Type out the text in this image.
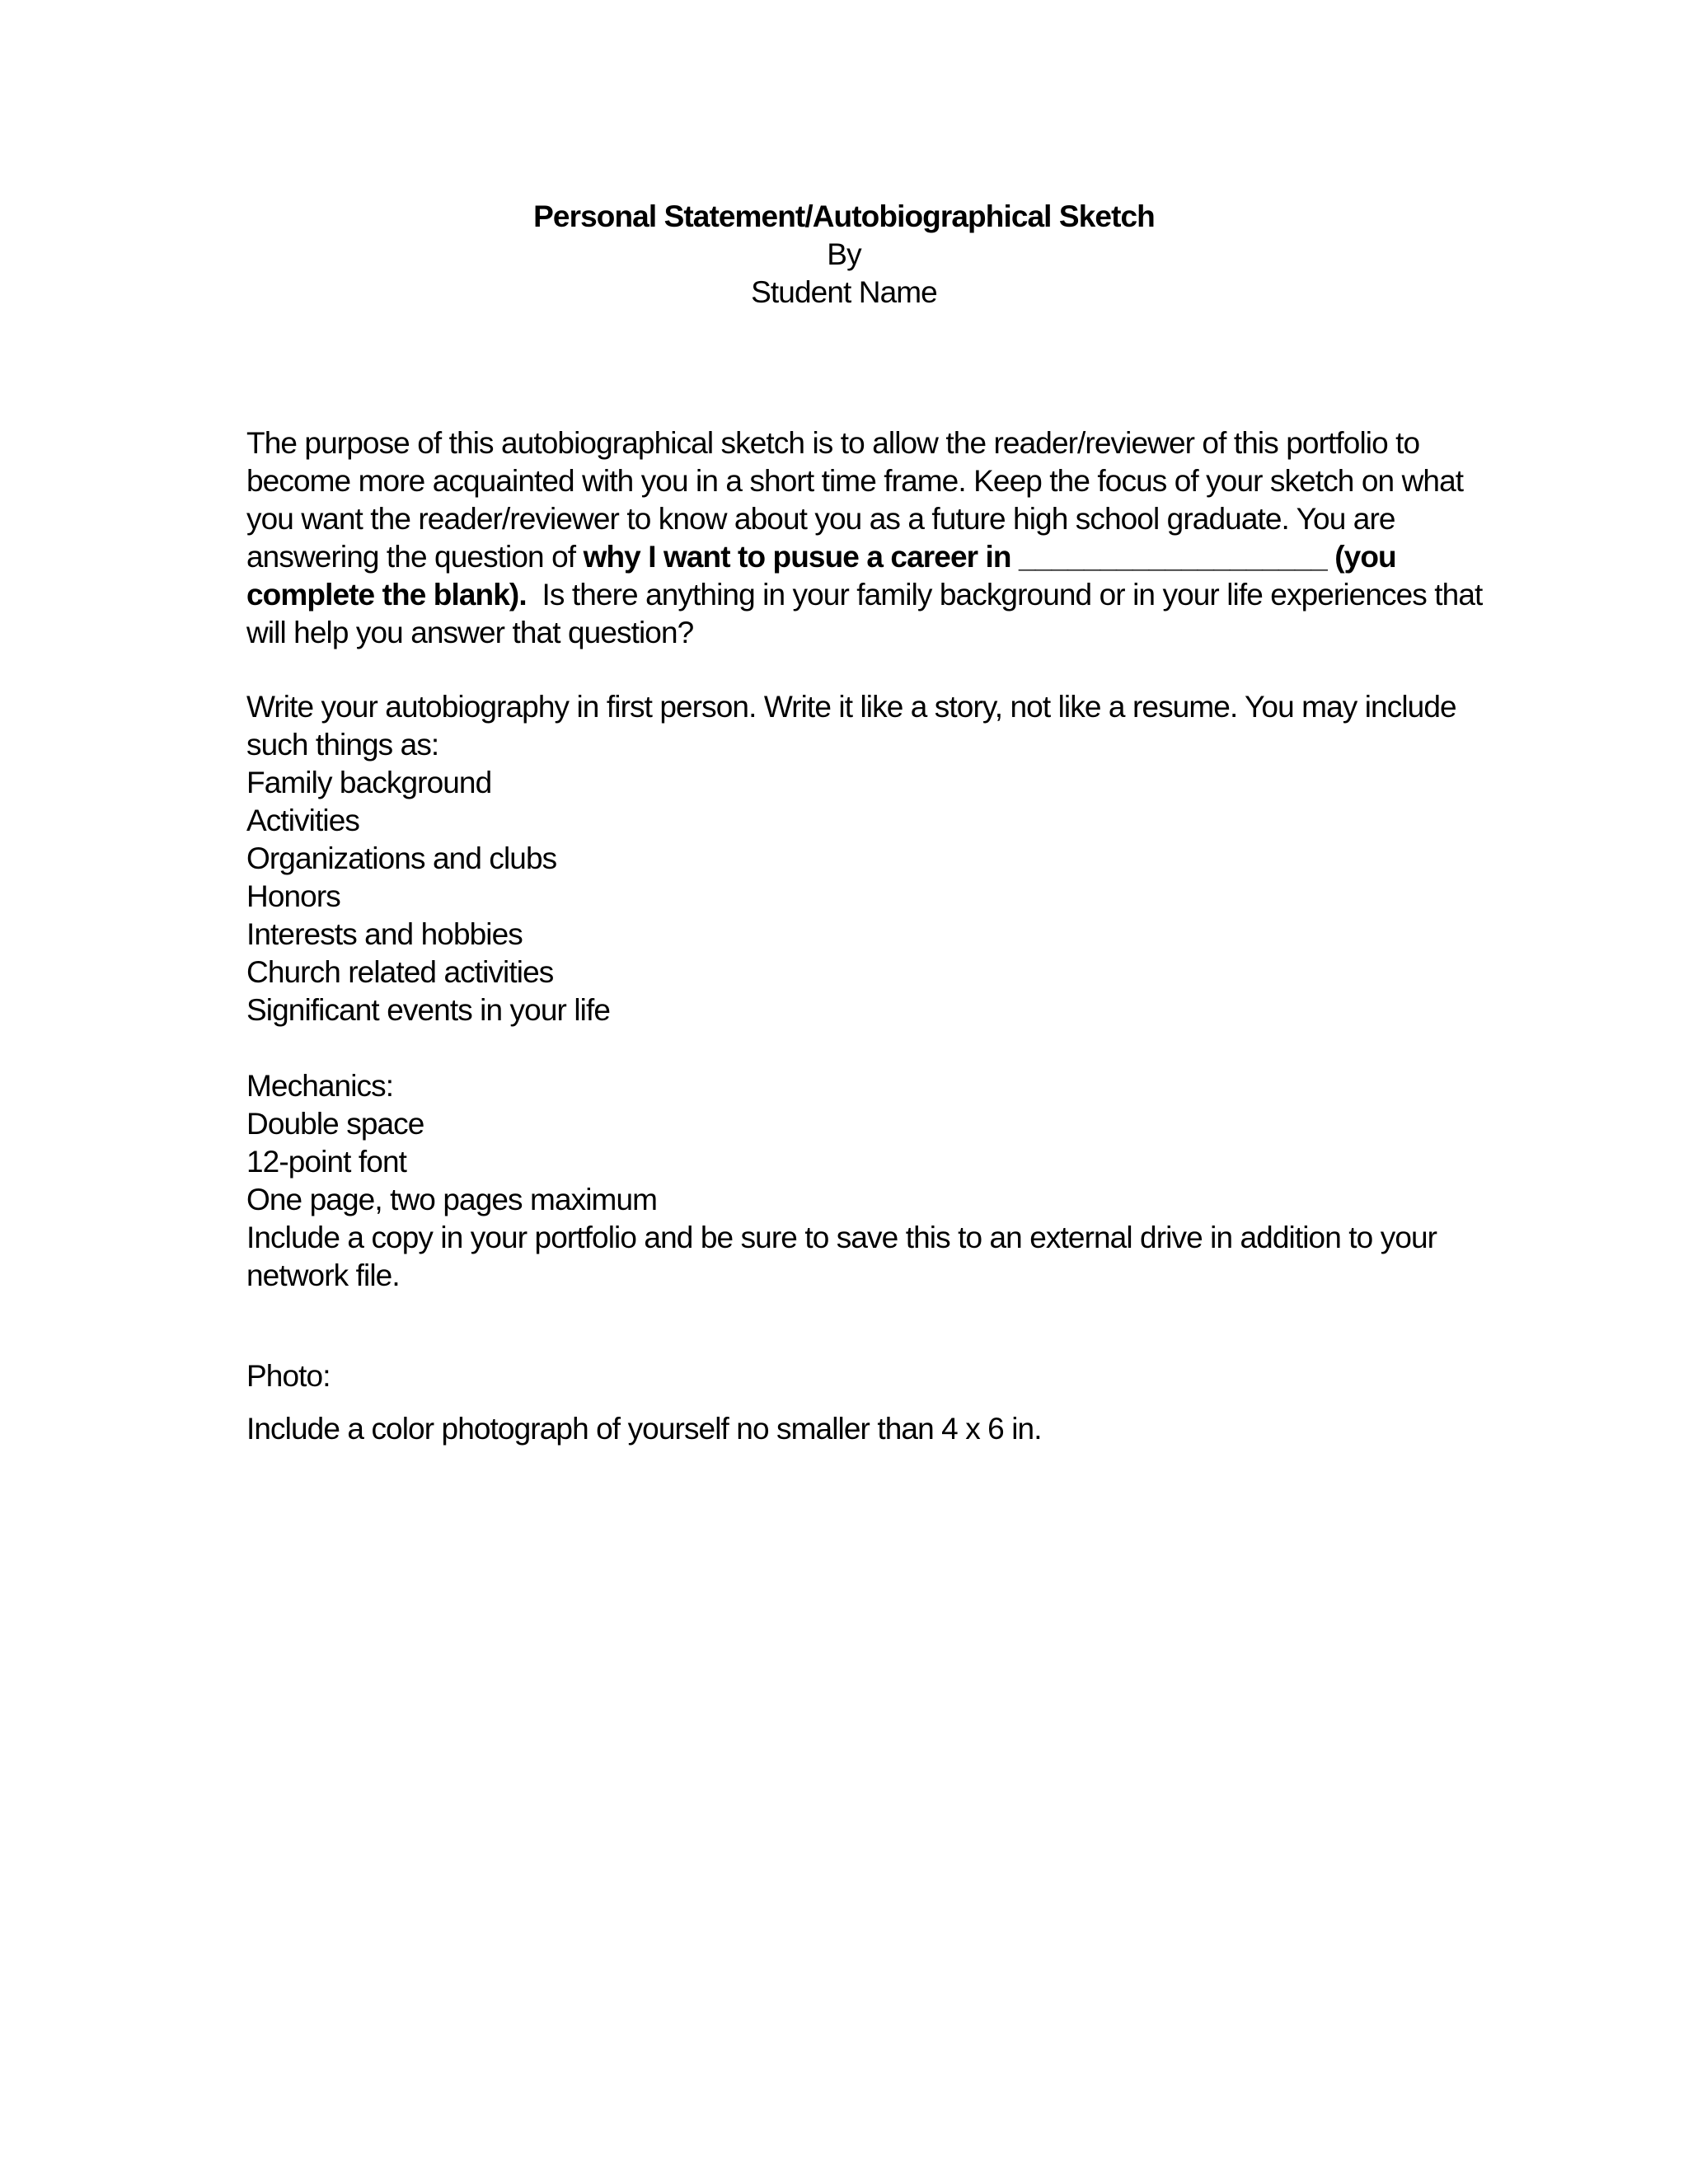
Personal Statement/Autobiographical Sketch
By
Student Name
The purpose of this autobiographical sketch is to allow the reader/reviewer of this portfolio to
become more acquainted with you in a short time frame. Keep the focus of your sketch on what
you want the reader/reviewer to know about you as a future high school graduate. You are
answering the question of why I want to pusue a career in ___________________ (you
complete the blank).  Is there anything in your family background or in your life experiences that
will help you answer that question?
Write your autobiography in first person. Write it like a story, not like a resume. You may include
such things as:
Family background
Activities
Organizations and clubs
Honors
Interests and hobbies
Church related activities
Significant events in your life
Mechanics:
Double space
12-point font
One page, two pages maximum
Include a copy in your portfolio and be sure to save this to an external drive in addition to your
network file.
Photo:
Include a color photograph of yourself no smaller than 4 x 6 in.
